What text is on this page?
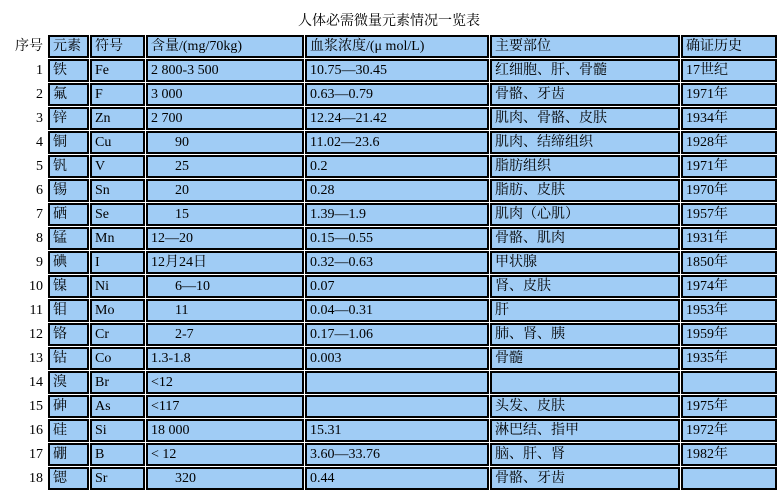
人体必需微量元素情况一览表
序号	元素	符号	含量/(mg/70kg)	血浆浓度/(μ mol/L)	主要部位	确证历史
1	铁	Fe	2 800-3 500	10.75—30.45	红细胞、肝、骨髓	17世纪
2	氟	F	3 000	0.63—0.79	骨骼、牙齿	1971年
3	锌	Zn	2 700	12.24—21.42	肌肉、骨骼、皮肤	1934年
4	铜	Cu	90	11.02—23.6	肌肉、结缔组织	1928年
5	钒	V	25	0.2	脂肪组织	1971年
6	锡	Sn	20	0.28	脂肪、皮肤	1970年
7	硒	Se	15	1.39—1.9	肌肉（心肌）	1957年
8	锰	Mn	12—20	0.15—0.55	骨骼、肌肉	1931年
9	碘	I	12月24日	0.32—0.63	甲状腺	1850年
10	镍	Ni	6—10	0.07	肾、皮肤	1974年
11	钼	Mo	11	0.04—0.31	肝	1953年
12	铬	Cr	2-7	0.17—1.06	肺、肾、胰	1959年
13	钴	Co	1.3-1.8	0.003	骨髓	1935年
14	溴	Br	<12			
15	砷	As	<117		头发、皮肤	1975年
16	硅	Si	18 000	15.31	淋巴结、指甲	1972年
17	硼	B	< 12	3.60—33.76	脑、肝、肾	1982年
18	锶	Sr	320	0.44	骨骼、牙齿	
